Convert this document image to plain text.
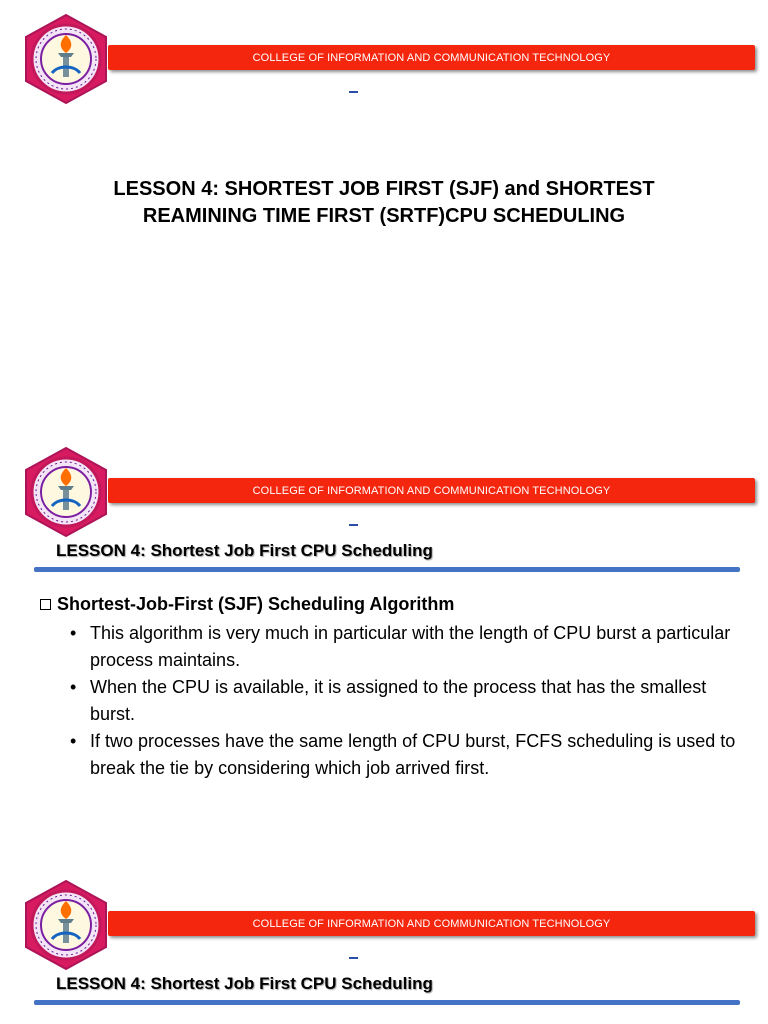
COLLEGE OF INFORMATION AND COMMUNICATION TECHNOLOGY
LESSON 4: SHORTEST JOB FIRST (SJF) and SHORTEST
REAMINING TIME FIRST (SRTF)CPU SCHEDULING
COLLEGE OF INFORMATION AND COMMUNICATION TECHNOLOGY
LESSON 4: Shortest Job First CPU Scheduling
Shortest-Job-First (SJF) Scheduling Algorithm
• This algorithm is very much in particular with the length of CPU burst a particular process maintains.
• When the CPU is available, it is assigned to the process that has the smallest burst.
• If two processes have the same length of CPU burst, FCFS scheduling is used to break the tie by considering which job arrived first.
COLLEGE OF INFORMATION AND COMMUNICATION TECHNOLOGY
LESSON 4: Shortest Job First CPU Scheduling
